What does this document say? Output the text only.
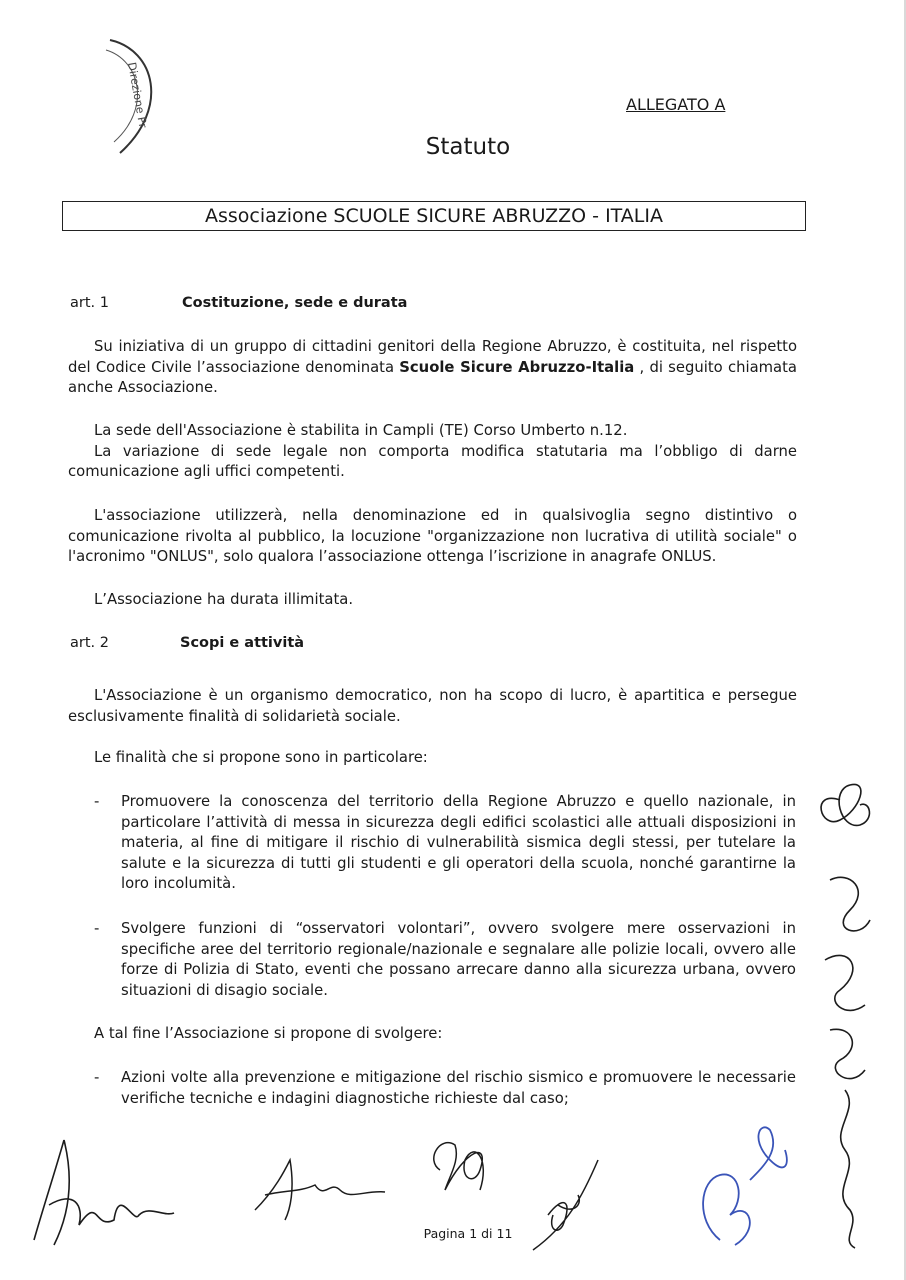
Direzione Pr	ALLEGATO A
Statuto
Associazione SCUOLE SICURE ABRUZZO - ITALIA
art. 1	Costituzione, sede e durata
Su iniziativa di un gruppo di cittadini genitori della Regione Abruzzo, è costituita, nel rispetto del Codice Civile l’associazione denominata Scuole Sicure Abruzzo-Italia , di seguito chiamata anche Associazione.
La sede dell'Associazione è stabilita in Campli (TE) Corso Umberto n.12.
La variazione di sede legale non comporta modifica statutaria ma l’obbligo di darne comunicazione agli uffici competenti.
L'associazione utilizzerà, nella denominazione ed in qualsivoglia segno distintivo o comunicazione rivolta al pubblico, la locuzione "organizzazione non lucrativa di utilità sociale" o l'acronimo "ONLUS", solo qualora l’associazione ottenga l’iscrizione in anagrafe ONLUS.
L’Associazione ha durata illimitata.
art. 2	Scopi e attività
L'Associazione è un organismo democratico, non ha scopo di lucro, è apartitica e persegue esclusivamente finalità di solidarietà sociale.
Le finalità che si propone sono in particolare:
- Promuovere la conoscenza del territorio della Regione Abruzzo e quello nazionale, in particolare l’attività di messa in sicurezza degli edifici scolastici alle attuali disposizioni in materia, al fine di mitigare il rischio di vulnerabilità sismica degli stessi, per tutelare la salute e la sicurezza di tutti gli studenti e gli operatori della scuola, nonché garantirne la loro incolumità.
- Svolgere funzioni di “osservatori volontari”, ovvero svolgere mere osservazioni in specifiche aree del territorio regionale/nazionale e segnalare alle polizie locali, ovvero alle forze di Polizia di Stato, eventi che possano arrecare danno alla sicurezza urbana, ovvero situazioni di disagio sociale.
A tal fine l’Associazione si propone di svolgere:
- Azioni volte alla prevenzione e mitigazione del rischio sismico e promuovere le necessarie verifiche tecniche e indagini diagnostiche richieste dal caso;
Pagina 1 di 11
